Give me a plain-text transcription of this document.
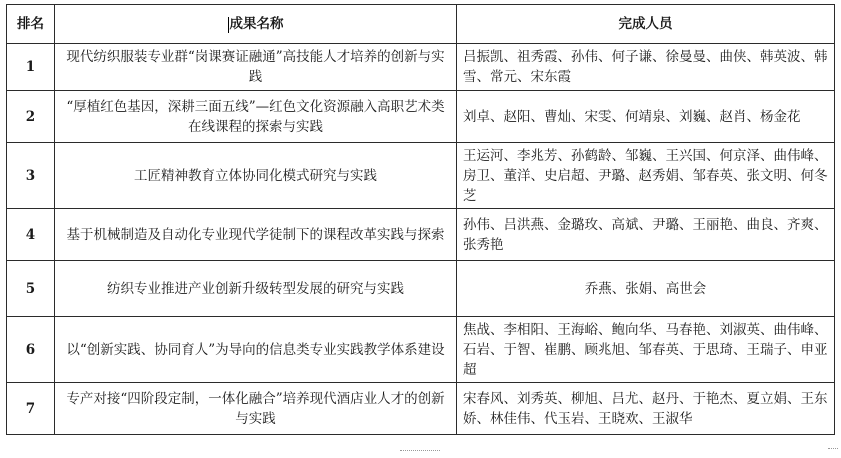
排名	成果名称	完成人员
1	现代纺织服装专业群“岗课赛证融通”高技能人才培养的创新与实践	吕振凯、祖秀霞、孙伟、何子谦、徐曼曼、曲侠、韩英波、韩雪、常元、宋东霞
2	“厚植红色基因，深耕三面五线”—红色文化资源融入高职艺术类在线课程的探索与实践	刘卓、赵阳、曹灿、宋雯、何靖泉、刘巍、赵肖、杨金花
3	工匠精神教育立体协同化模式研究与实践	王运河、李兆芳、孙鹤龄、邹巍、王兴国、何京泽、曲伟峰、房卫、董洋、史启超、尹璐、赵秀娟、邹春英、张文明、何冬芝
4	基于机械制造及自动化专业现代学徒制下的课程改革实践与探索	孙伟、吕洪燕、金璐玫、高斌、尹璐、王丽艳、曲良、齐爽、张秀艳
5	纺织专业推进产业创新升级转型发展的研究与实践	乔燕、张娟、高世会
6	以“创新实践、协同育人”为导向的信息类专业实践教学体系建设	焦战、李相阳、王海峪、鲍向华、马春艳、刘淑英、曲伟峰、石岩、于智、崔鹏、顾兆旭、邹春英、于思琦、王瑞子、申亚超
7	专产对接“四阶段定制，一体化融合”培养现代酒店业人才的创新与实践	宋春风、刘秀英、柳旭、吕尤、赵丹、于艳杰、夏立娟、王东娇、林佳伟、代玉岩、王晓欢、王淑华
